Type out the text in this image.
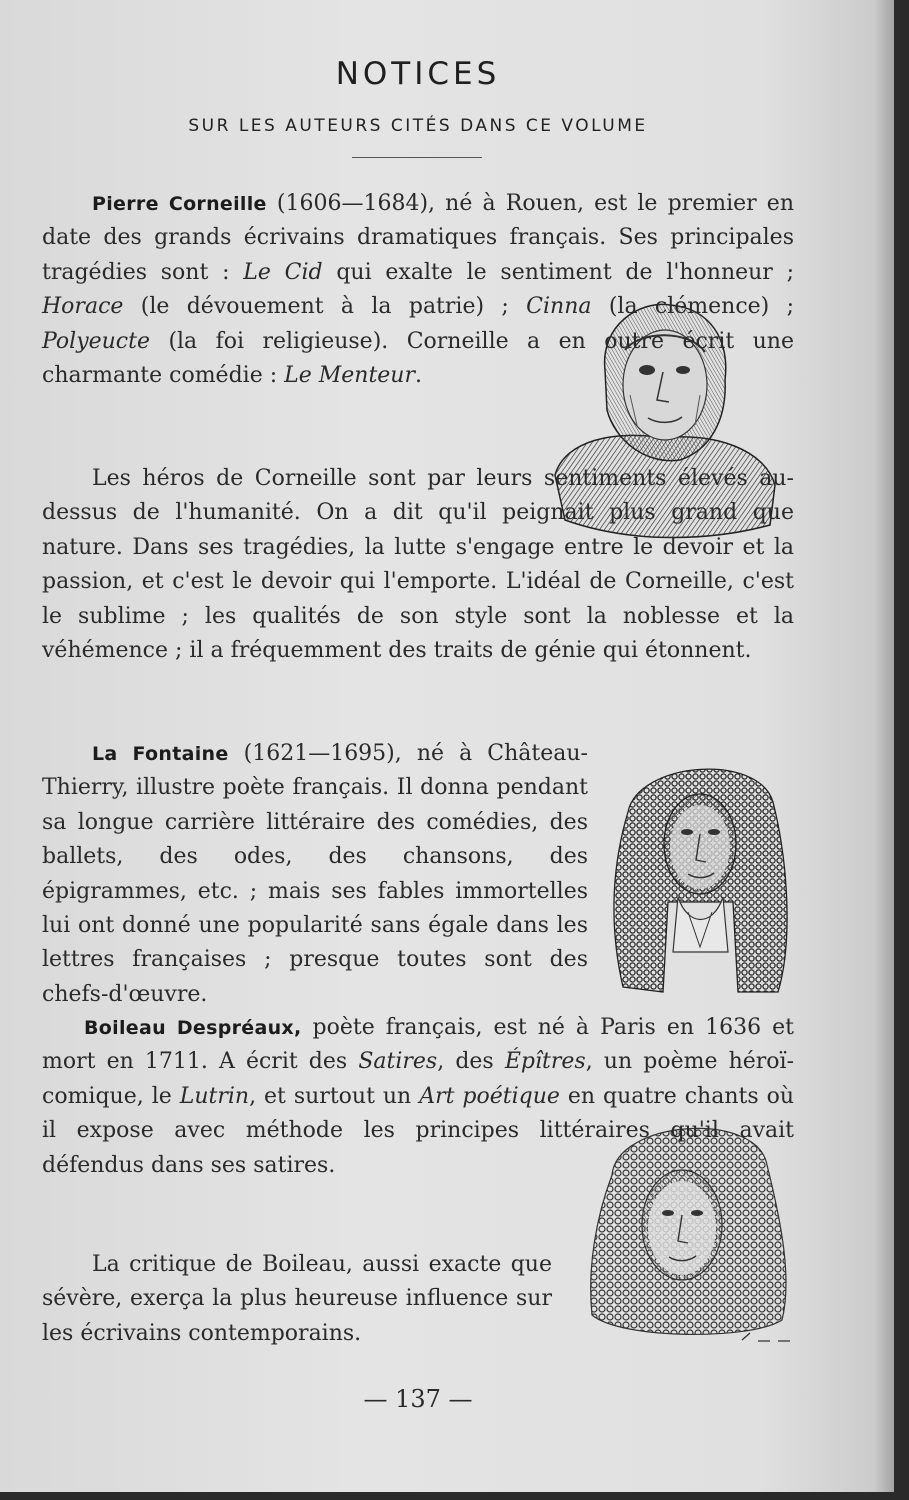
NOTICES
SUR LES AUTEURS CITÉS DANS CE VOLUME

Pierre Corneille (1606—1684), né à Rouen, est le premier en date des grands écrivains dramatiques français. Ses principales tragédies sont : Le Cid qui exalte le sentiment de l'honneur ; Horace (le dévouement à la patrie) ; Cinna (la clémence) ; Polyeucte (la foi religieuse). Corneille a en outre écrit une charmante comédie : Le Menteur.

Les héros de Corneille sont par leurs sentiments élevés au-dessus de l'humanité. On a dit qu'il peignait plus grand que nature. Dans ses tragédies, la lutte s'engage entre le devoir et la passion, et c'est le devoir qui l'emporte. L'idéal de Corneille, c'est le sublime ; les qualités de son style sont la noblesse et la véhémence ; il a fréquemment des traits de génie qui étonnent.

La Fontaine (1621—1695), né à Château-Thierry, illustre poète français. Il donna pendant sa longue carrière littéraire des comédies, des ballets, des odes, des chansons, des épigrammes, etc. ; mais ses fables immortelles lui ont donné une popularité sans égale dans les lettres françaises ; presque toutes sont des chefs-d'œuvre.

Boileau Despréaux, poète français, est né à Paris en 1636 et mort en 1711. A écrit des Satires, des Épîtres, un poème héroï-comique, le Lutrin, et surtout un Art poétique en quatre chants où il expose avec méthode les principes littéraires qu'il avait défendus dans ses satires.

La critique de Boileau, aussi exacte que sévère, exerça la plus heureuse influence sur les écrivains contemporains.

— 137 —
